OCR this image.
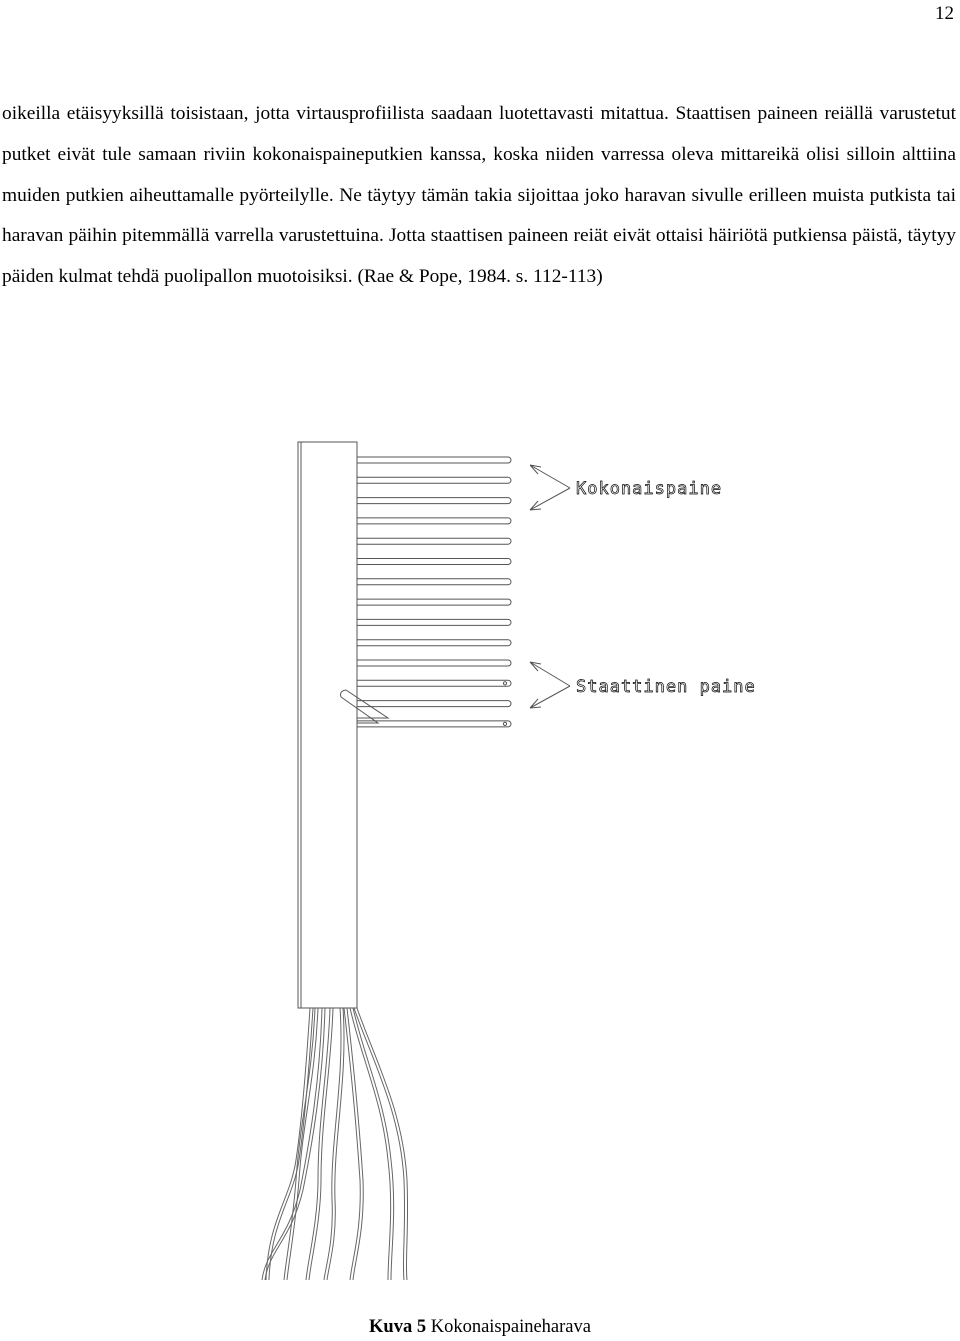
12

oikeilla etäisyyksillä toisistaan, jotta virtausprofiilista saadaan luotettavasti mitattua. Staattisen paineen reiällä varustetut putket eivät tule samaan riviin kokonaispaineputkien kanssa, koska niiden varressa oleva mittareikä olisi silloin alttiina muiden putkien aiheuttamalle pyörteilylle. Ne täytyy tämän takia sijoittaa joko haravan sivulle erilleen muista putkista tai haravan päihin pitemmällä varrella varustettuina. Jotta staattisen paineen reiät eivät ottaisi häiriötä putkiensa päistä, täytyy päiden kulmat tehdä puolipallon muotoisiksi. (Rae & Pope, 1984. s. 112-113)

Kokonaispaine
Staattinen paine
Kuva 5 Kokonaispaineharava
